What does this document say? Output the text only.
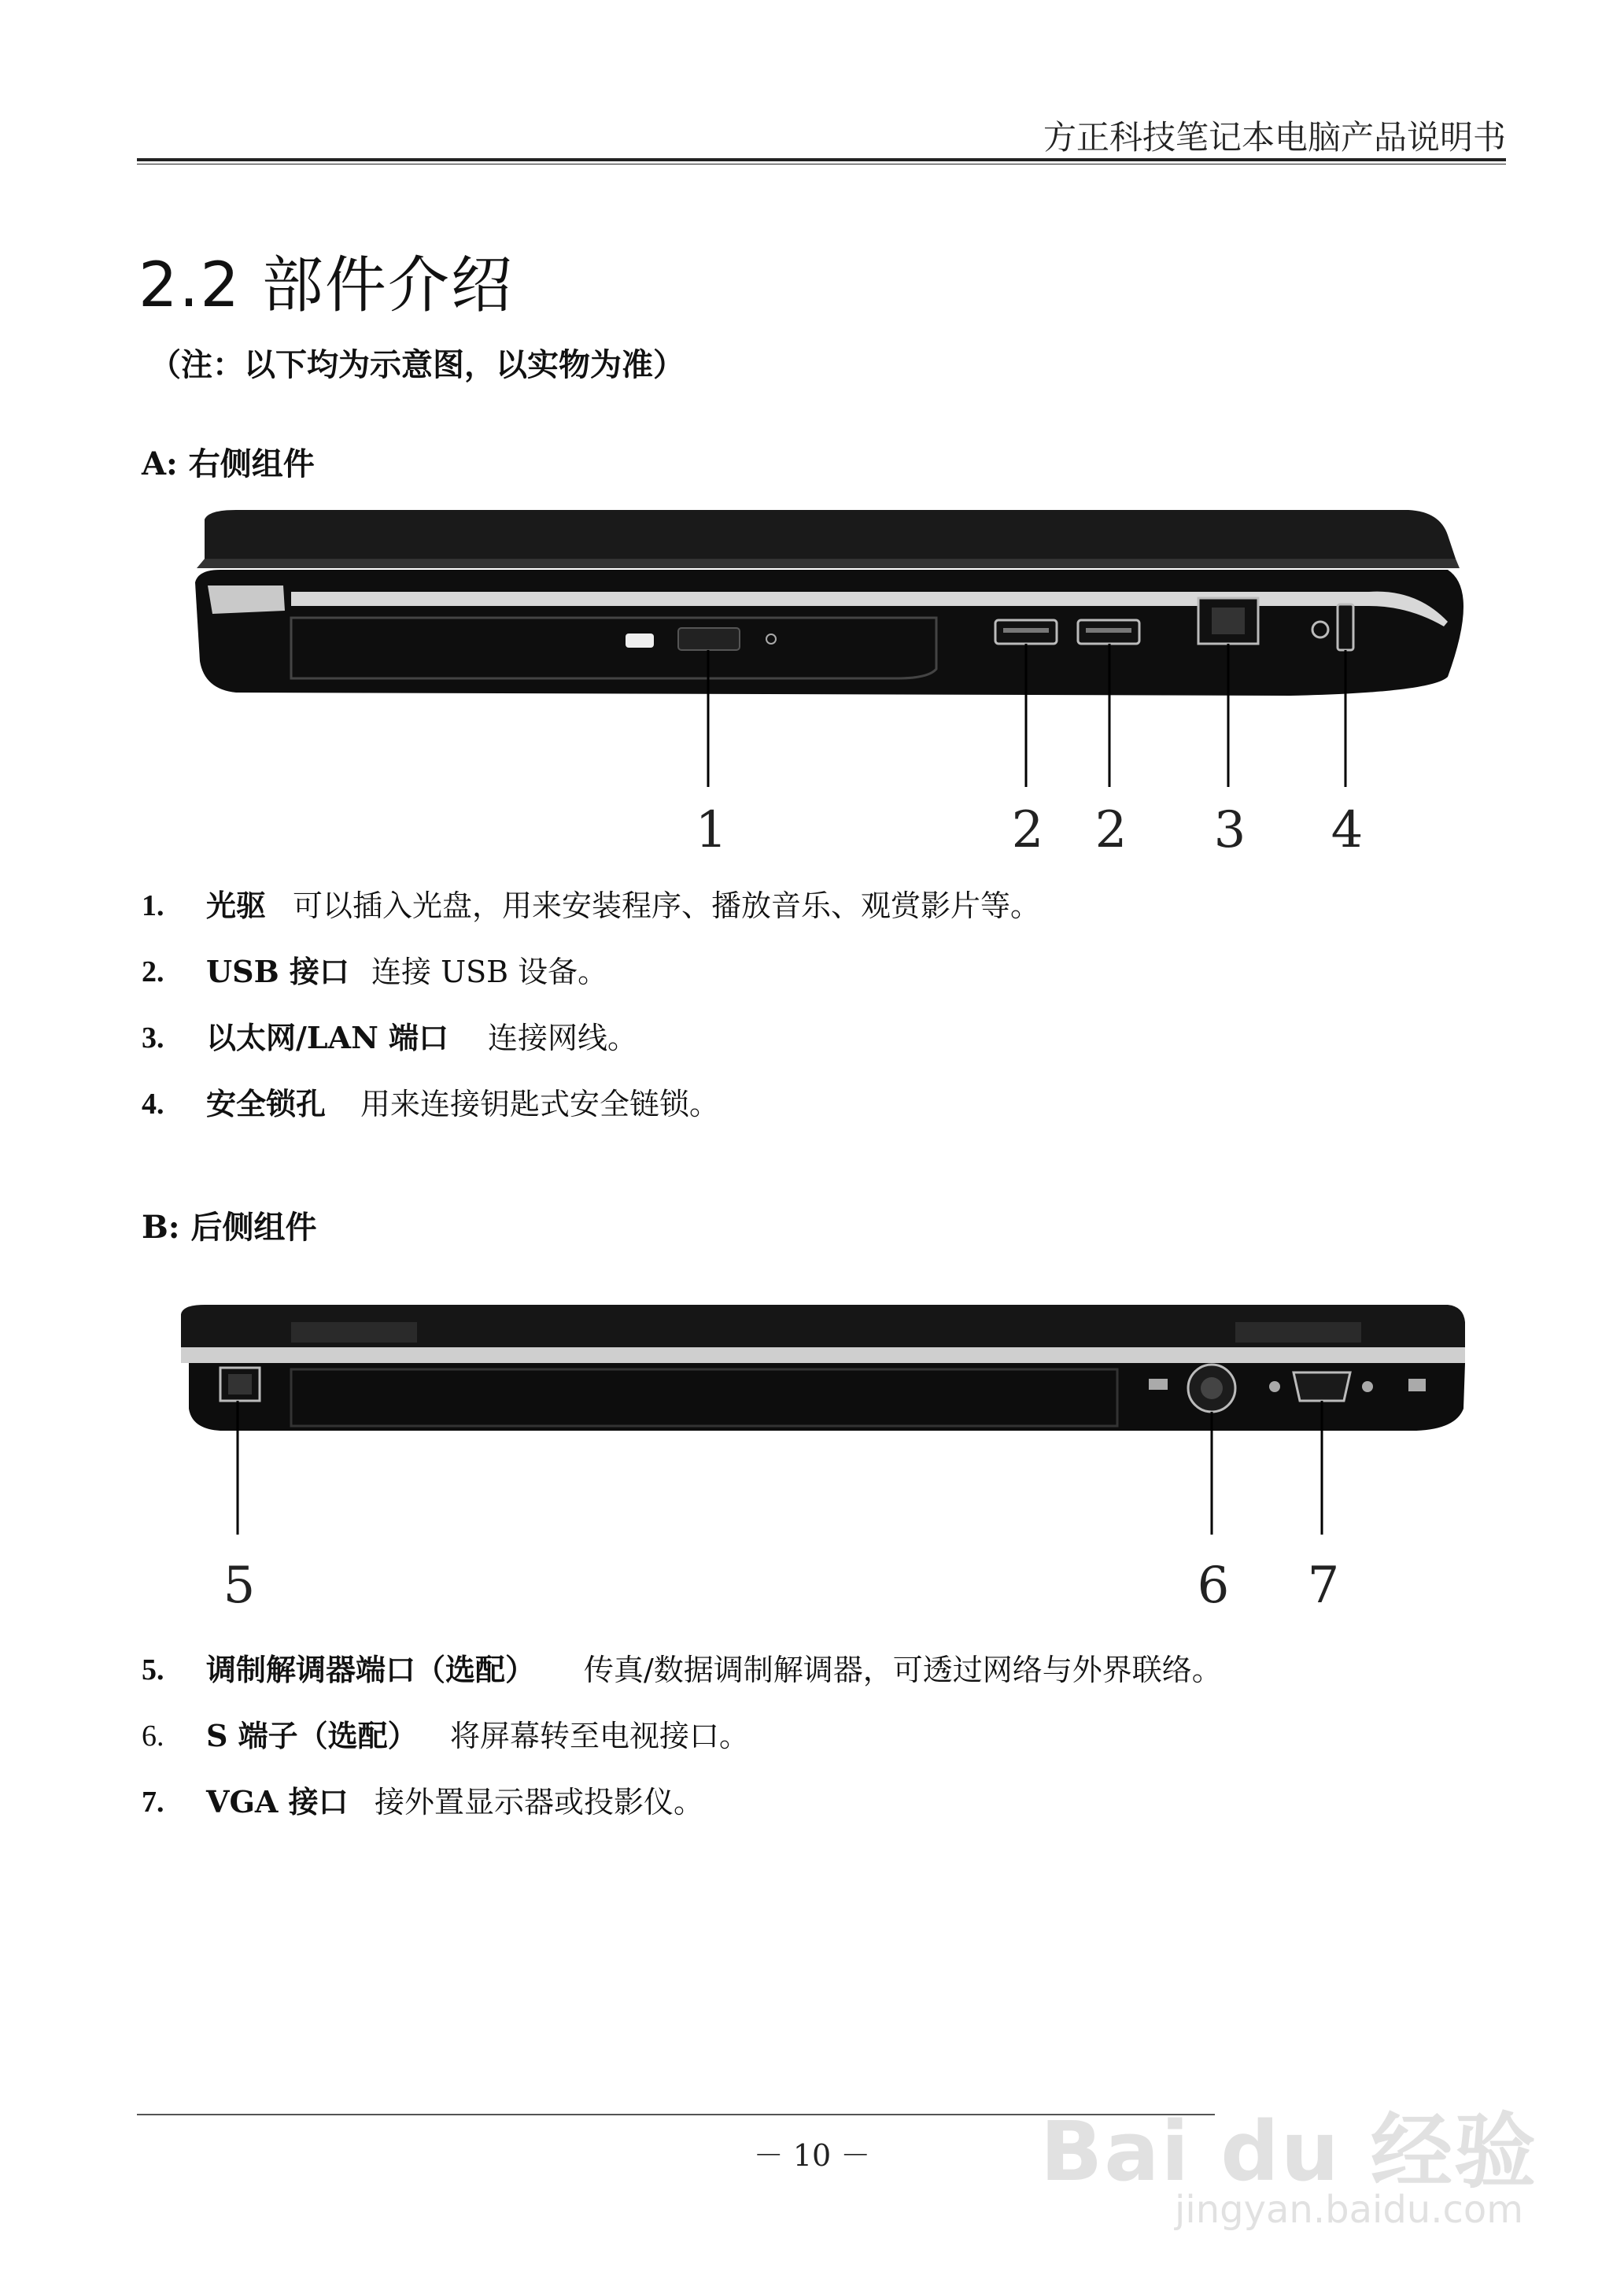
方正科技笔记本电脑产品说明书
2.2 部件介绍
（注：以下均为示意图，以实物为准）
A: 右侧组件
1	2 2 3 4
1. 光驱 可以插入光盘，用来安装程序、播放音乐、观赏影片等。
2. USB 接口 连接 USB 设备。
3. 以太网/LAN 端口 连接网线。
4. 安全锁孔 用来连接钥匙式安全链锁。
B: 后侧组件
5	6 7
5. 调制解调器端口（选配） 传真/数据调制解调器，可透过网络与外界联络。
6. S 端子（选配） 将屏幕转至电视接口。
7. VGA 接口 接外置显示器或投影仪。
－ 10 －	Bai du 经验
jingyan.baidu.com
